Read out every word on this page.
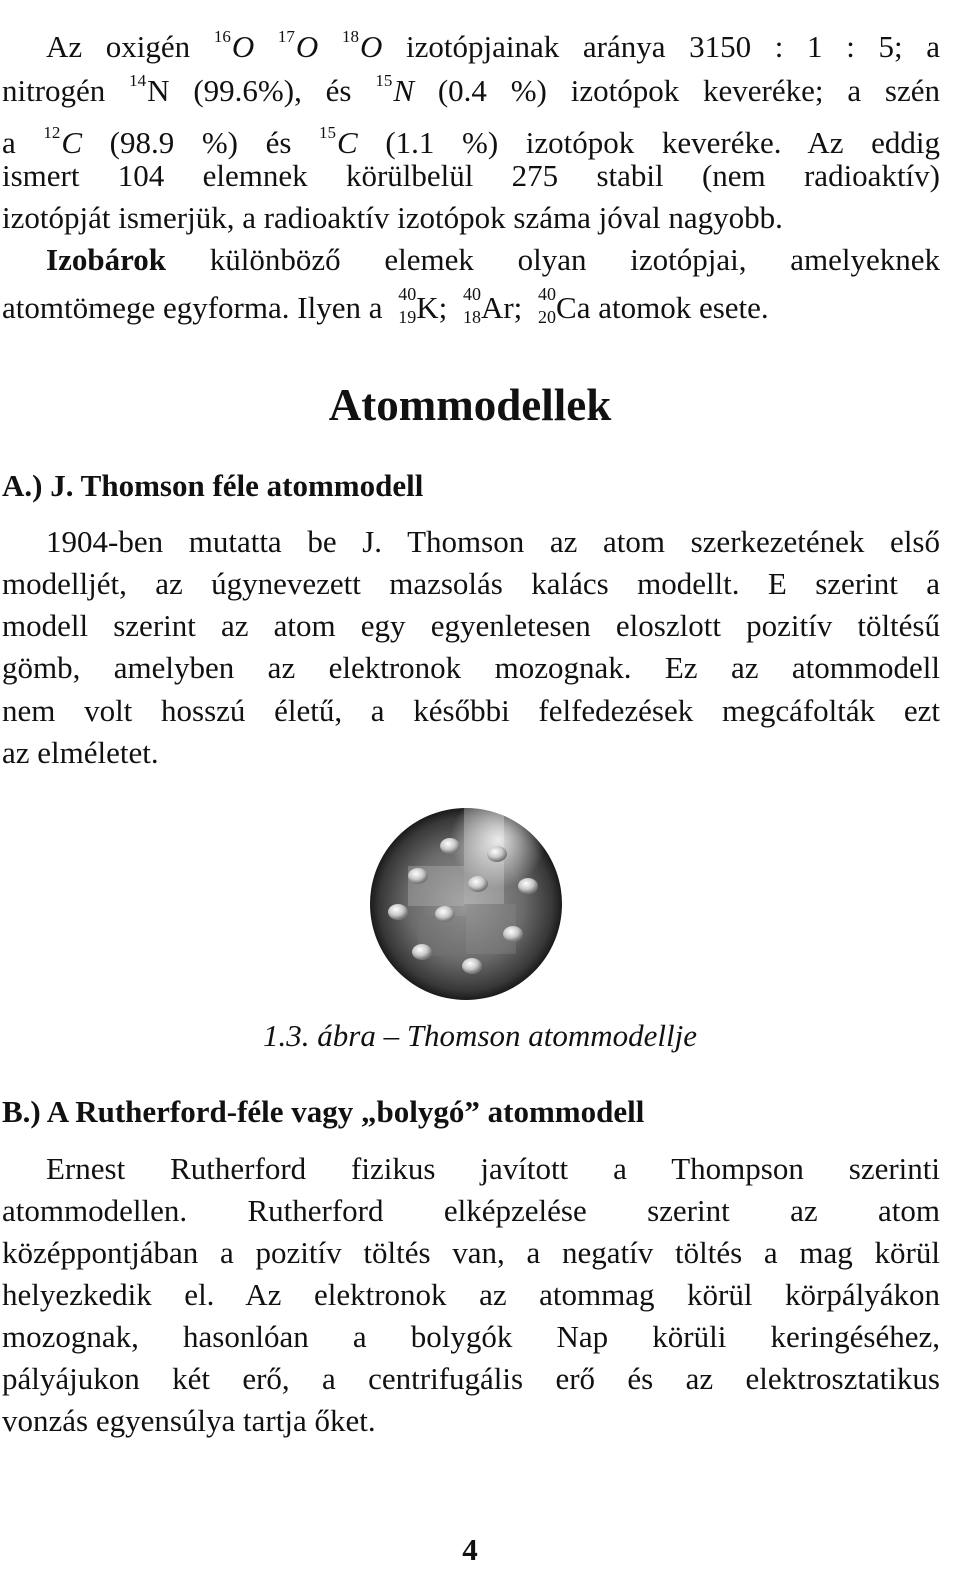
Az oxigén $^{16}$O $^{17}$O $^{18}$O izotópjainak aránya 3150 : 1 : 5; a
nitrogén $^{14}$N (99.6%), és $^{15}$N (0.4 %) izotópok keveréke; a szén
a $^{12}$C (98.9 %) és $^{15}$C (1.1 %) izotópok keveréke. Az eddig
ismert 104 elemnek körülbelül 275 stabil (nem radioaktív)
izotópját ismerjük, a radioaktív izotópok száma jóval nagyobb.
Izobárok különböző elemek olyan izotópjai, amelyeknek
atomtömege egyforma. Ilyen a 40
19 K; 40
18 Ar; 40
20 Ca atomok esete.
Atommodellek
A.) J. Thomson féle atommodell
1904-ben mutatta be J. Thomson az atom szerkezetének első
modelljét, az úgynevezett mazsolás kalács modellt. E szerint a
modell szerint az atom egy egyenletesen eloszlott pozitív töltésű
gömb, amelyben az elektronok mozognak. Ez az atommodell
nem volt hosszú életű, a későbbi felfedezések megcáfolták ezt
az elméletet.
1.3. ábra – Thomson atommodellje
B.) A Rutherford-féle vagy „bolygó” atommodell
Ernest Rutherford fizikus javított a Thompson szerinti
atommodellen. Rutherford elképzelése szerint az atom
középpontjában a pozitív töltés van, a negatív töltés a mag körül
helyezkedik el. Az elektronok az atommag körül körpályákon
mozognak, hasonlóan a bolygók Nap körüli keringéséhez,
pályájukon két erő, a centrifugális erő és az elektrosztatikus
vonzás egyensúlya tartja őket.
4
